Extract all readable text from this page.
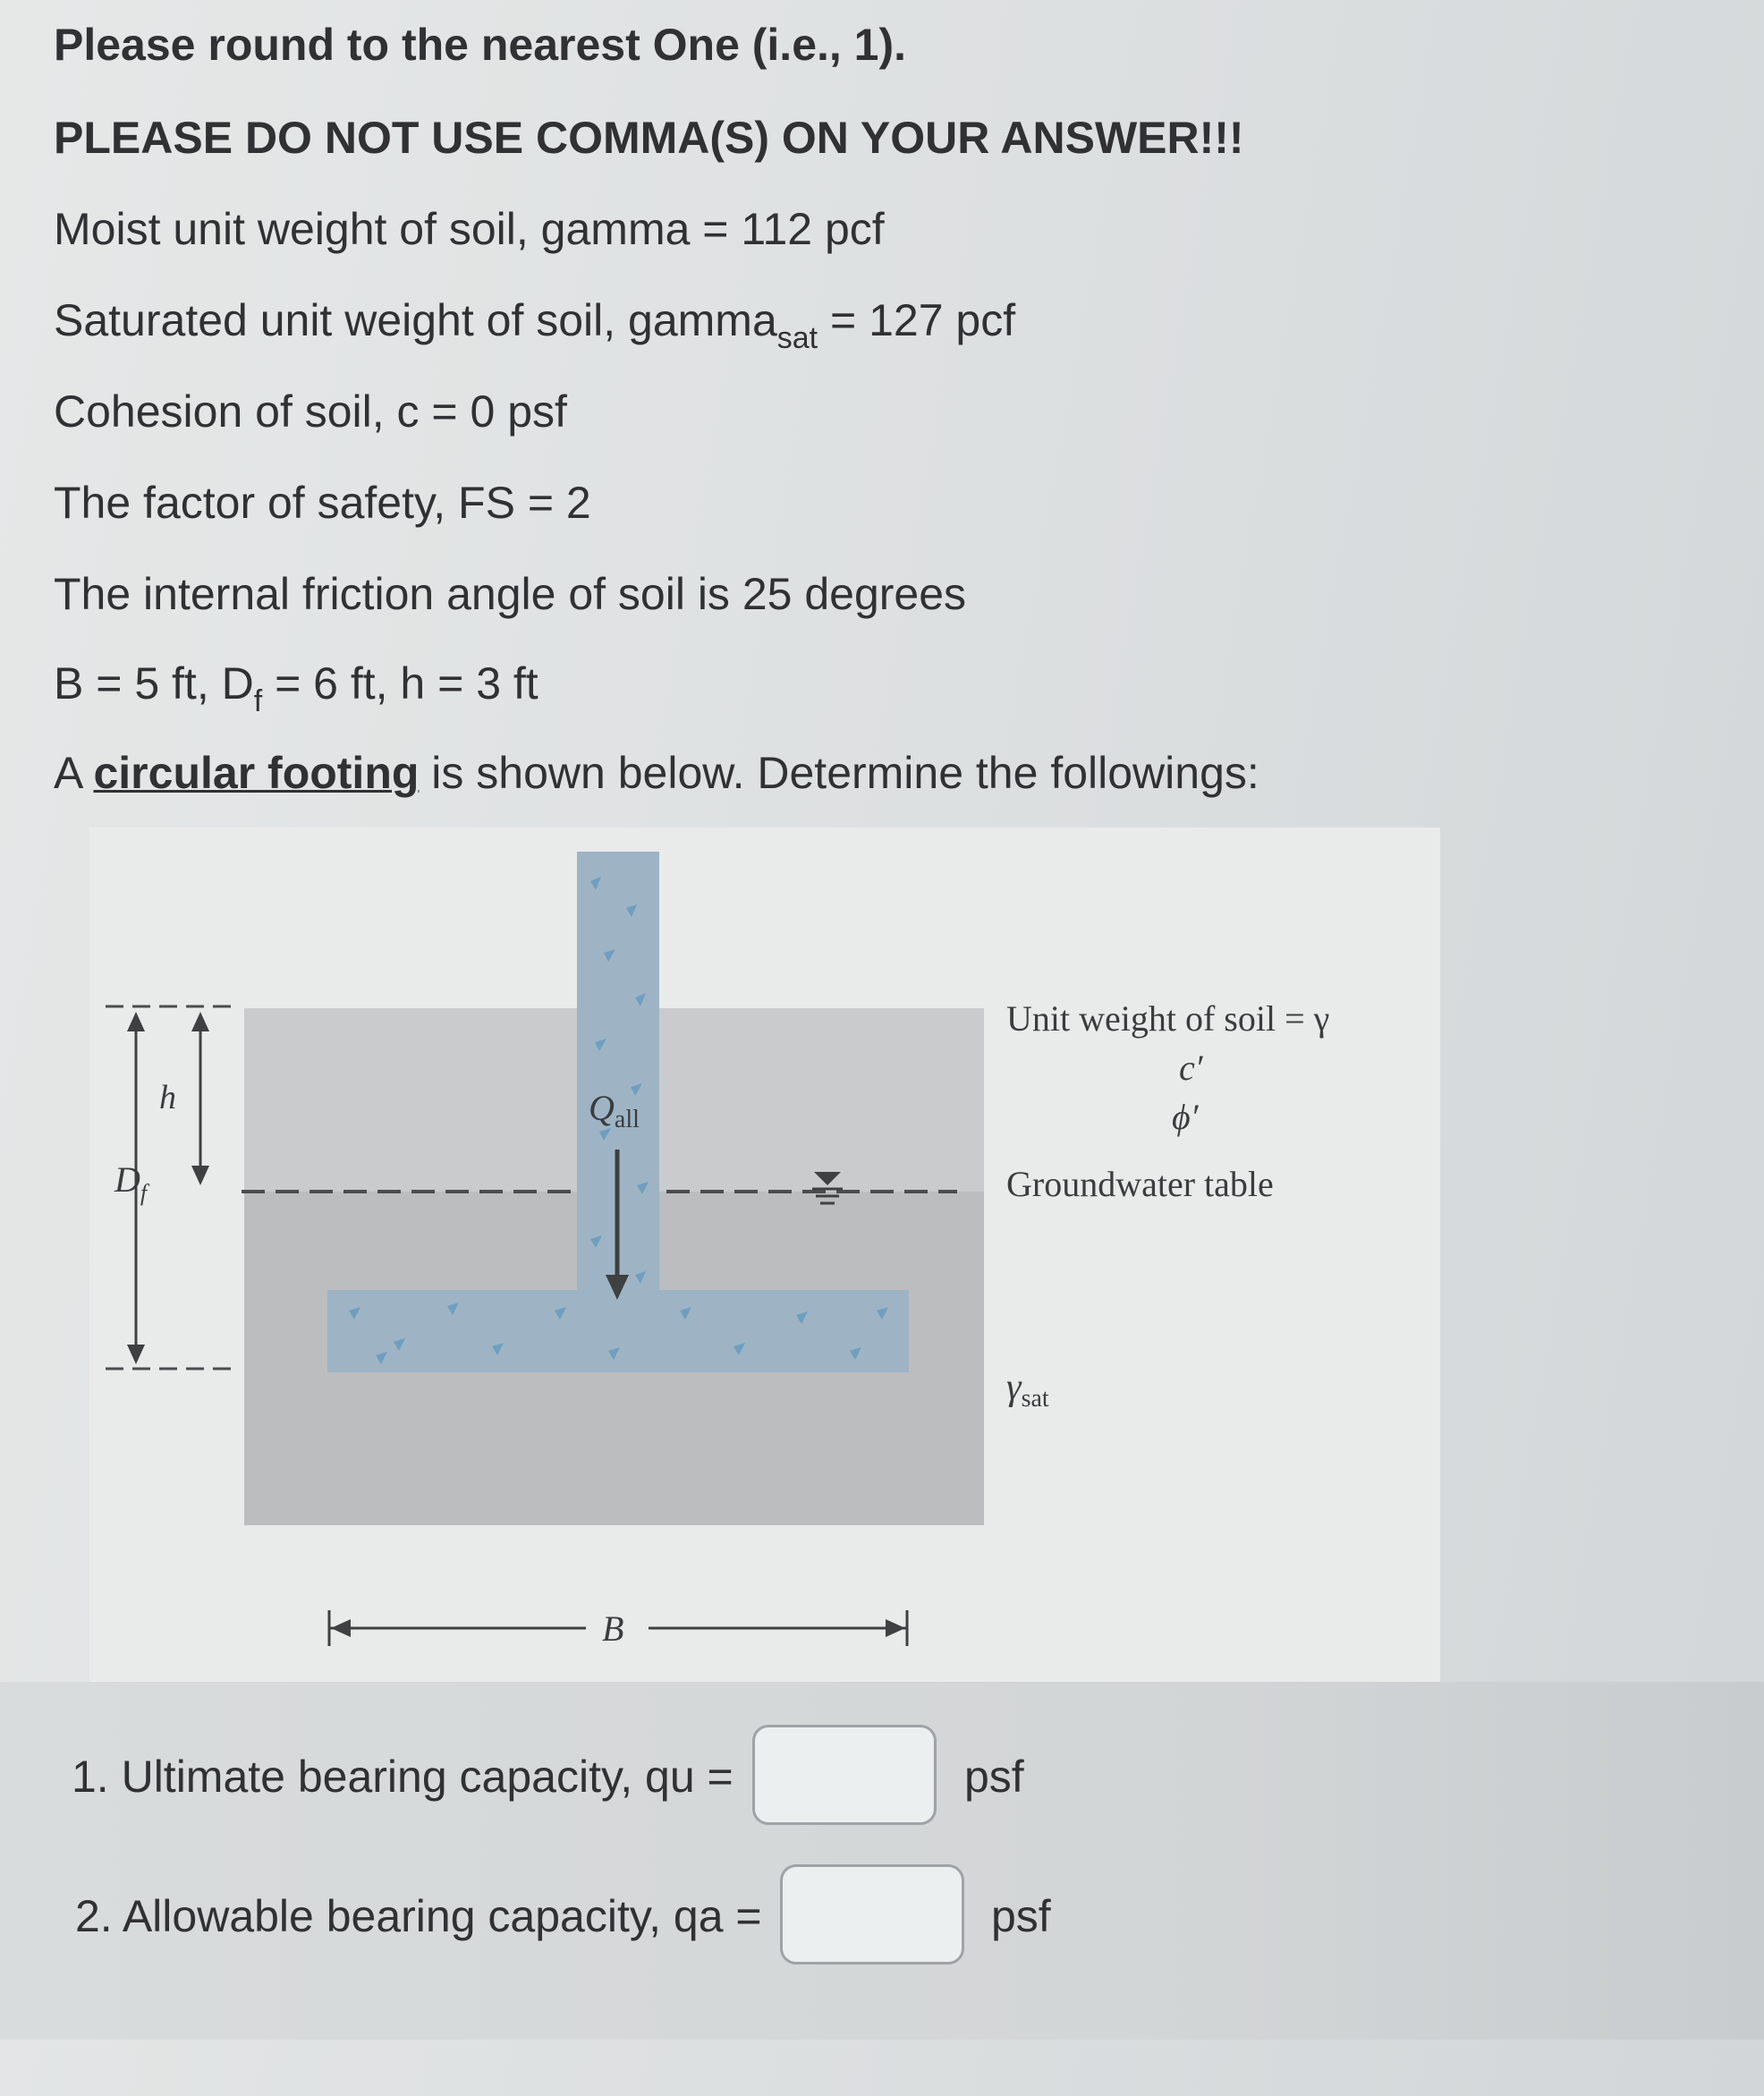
Please round to the nearest One (i.e., 1).
PLEASE DO NOT USE COMMA(S) ON YOUR ANSWER!!!
Moist unit weight of soil, gamma = 112 pcf
Saturated unit weight of soil, gamma$_{sat}$ = 127 pcf
Cohesion of soil, c = 0 psf
The factor of safety, FS = 2
The internal friction angle of soil is 25 degrees
B = 5 ft, $D_f = 6$ ft, h = 3 ft
A circular footing is shown below. Determine the followings:
h
$D_f$
$Q_{all}$
Unit weight of soil = γ
c′
ϕ′
Groundwater table
γsat
B
1. Ultimate bearing capacity, qu =	psf
2. Allowable bearing capacity, qa =	psf
